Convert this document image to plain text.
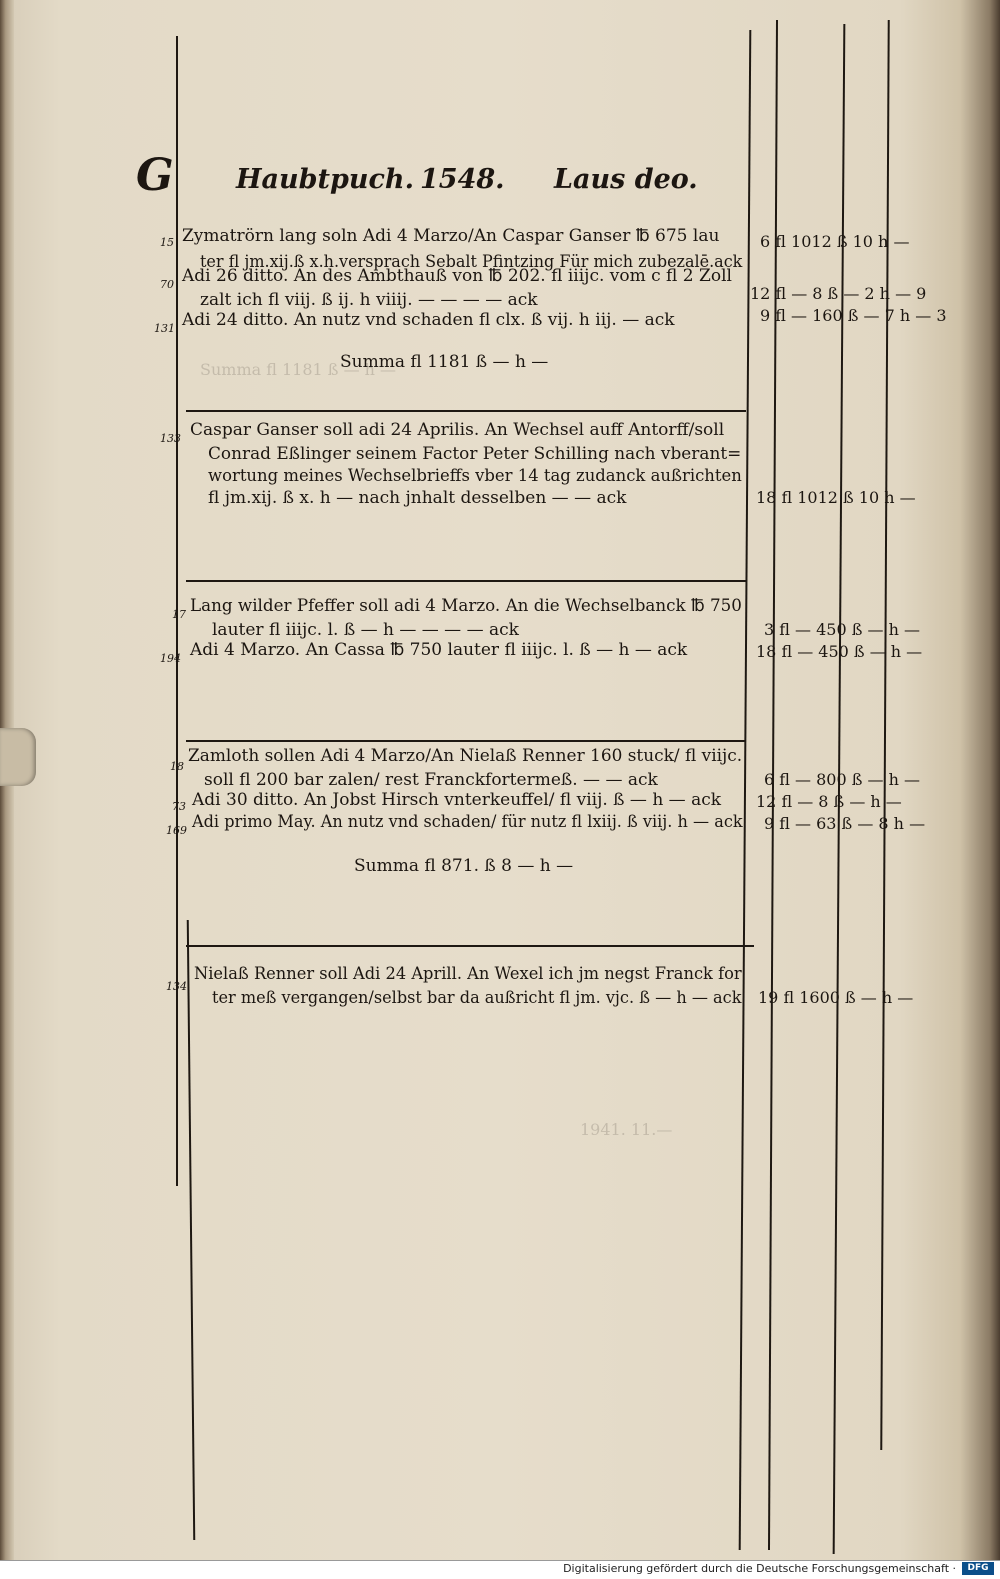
Summa fl 1181 ß — h —
1941. 11.—
G Haubtpuch. 1548. Laus deo.
15 Zymatrörn lang soln Adi 4 Marzo/An Caspar Ganser ℔ 675 lau
ter fl jm.xij.ß x.h.versprach Sebalt Pfintzing Für mich zubezalē.ack
6 fl 1012 ß 10 h —
70 Adi 26 ditto. An des Ambthauß von ℔ 202. fl iiijc. vom c fl 2 Zoll
zalt ich fl viij. ß ij. h viiij. — — — — ack	12 fl — 8 ß — 2 h — 9
131 Adi 24 ditto. An nutz vnd schaden fl clx. ß vij. h iij. — ack	9 fl — 160 ß — 7 h — 3
Summa fl 1181 ß — h —
133 Caspar Ganser soll adi 24 Aprilis. An Wechsel auff Antorff/soll
Conrad Eßlinger seinem Factor Peter Schilling nach vberant=
wortung meines Wechselbrieffs vber 14 tag zudanck außrichten
fl jm.xij. ß x. h — nach jnhalt desselben — — ack	18 fl 1012 ß 10 h —
17 Lang wilder Pfeffer soll adi 4 Marzo. An die Wechselbanck ℔ 750
lauter fl iiijc. l. ß — h — — — — ack	3 fl — 450 ß — h —
194 Adi 4 Marzo. An Cassa ℔ 750 lauter fl iiijc. l. ß — h — ack	18 fl — 450 ß — h —
18
Zamloth sollen Adi 4 Marzo/An Nielaß Renner 160 stuck/ fl viijc.
soll fl 200 bar zalen/ rest Franckfortermeß. — — ack	6 fl — 800 ß — h —
73 Adi 30 ditto. An Jobst Hirsch vnterkeuffel/ fl viij. ß — h — ack 12 fl — 8 ß — h —
169 Adi primo May. An nutz vnd schaden/ für nutz fl lxiij. ß viij. h — ack 9 fl — 63 ß — 8 h —
Summa fl 871. ß 8 — h —
134
Nielaß Renner soll Adi 24 Aprill. An Wexel ich jm negst Franck for
ter meß vergangen/selbst bar da außricht fl jm. vjc. ß — h — ack 19 fl 1600 ß — h —
Digitalisierung gefördert durch die Deutsche Forschungsgemeinschaft ·	DFG
